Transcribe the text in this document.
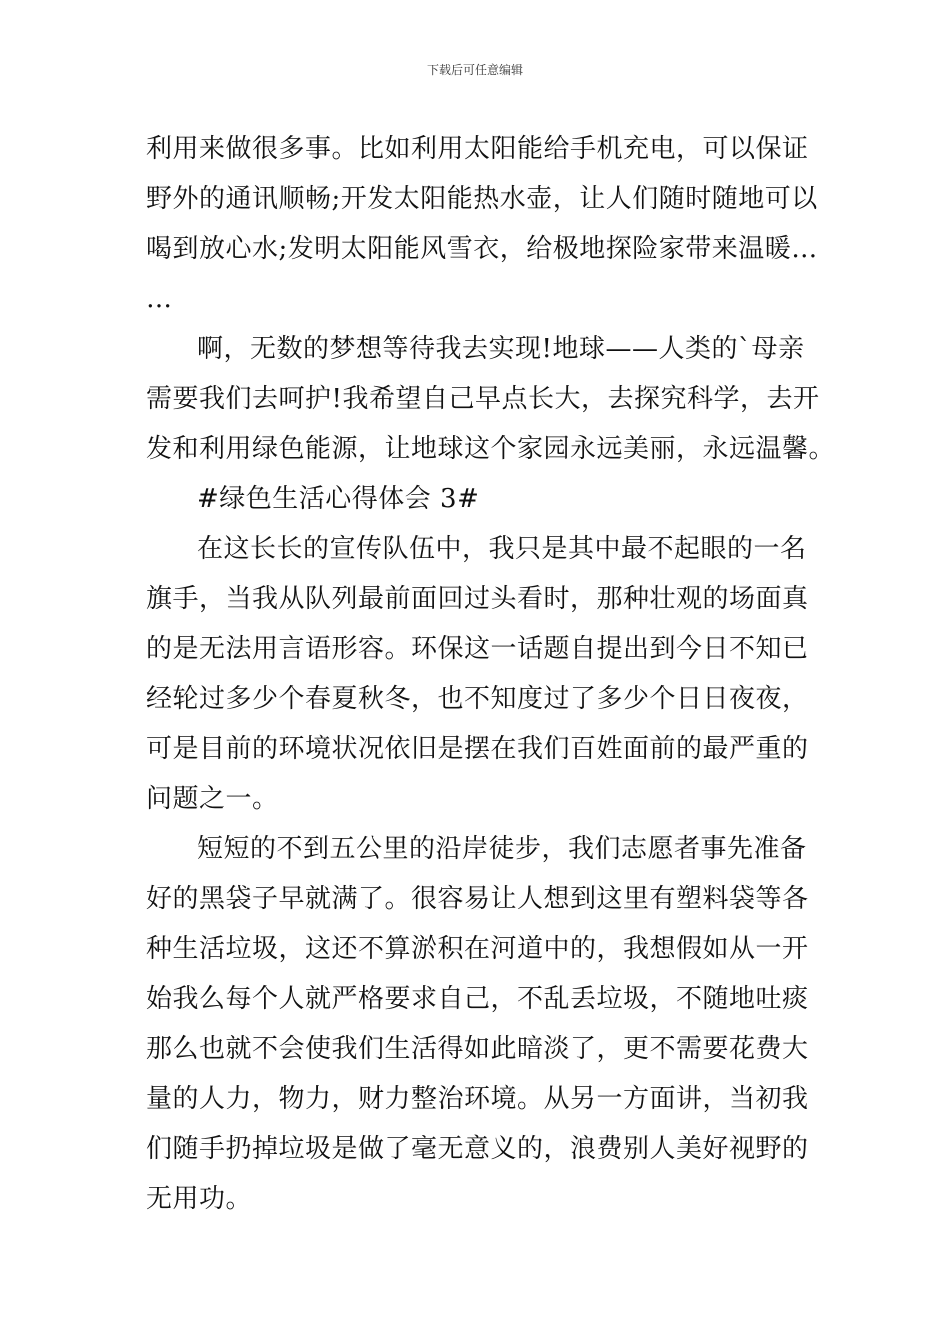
下载后可任意编辑
利用来做很多事。比如利用太阳能给手机充电，可以保证
野外的通讯顺畅;开发太阳能热水壶，让人们随时随地可以
喝到放心水;发明太阳能风雪衣，给极地探险家带来温暖…
…
啊，无数的梦想等待我去实现!地球——人类的`母亲
需要我们去呵护!我希望自己早点长大，去探究科学，去开
发和利用绿色能源，让地球这个家园永远美丽，永远温馨。
#绿色生活心得体会 3#
在这长长的宣传队伍中，我只是其中最不起眼的一名
旗手，当我从队列最前面回过头看时，那种壮观的场面真
的是无法用言语形容。环保这一话题自提出到今日不知已
经轮过多少个春夏秋冬，也不知度过了多少个日日夜夜，
可是目前的环境状况依旧是摆在我们百姓面前的最严重的
问题之一。
短短的不到五公里的沿岸徒步，我们志愿者事先准备
好的黑袋子早就满了。很容易让人想到这里有塑料袋等各
种生活垃圾，这还不算淤积在河道中的，我想假如从一开
始我么每个人就严格要求自己，不乱丢垃圾，不随地吐痰
那么也就不会使我们生活得如此暗淡了，更不需要花费大
量的人力，物力，财力整治环境。从另一方面讲，当初我
们随手扔掉垃圾是做了毫无意义的，浪费别人美好视野的
无用功。
